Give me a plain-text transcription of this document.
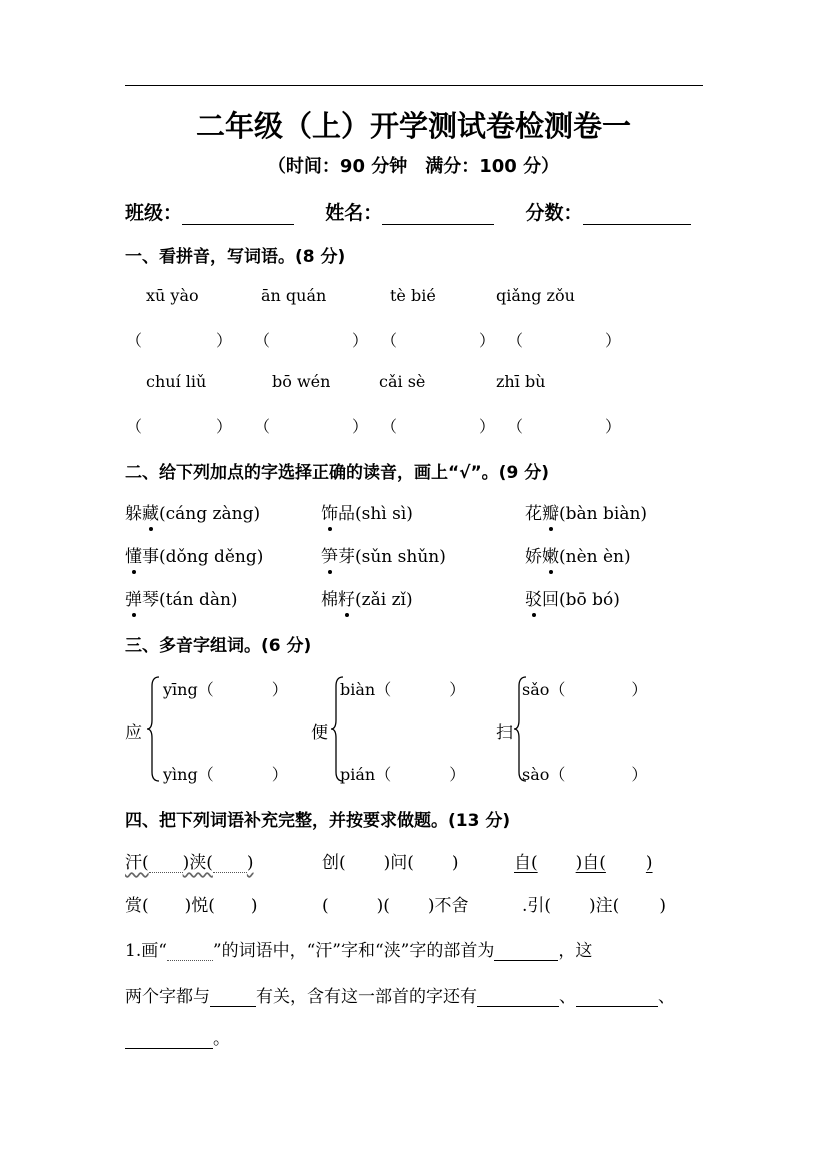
二年级（上）开学测试卷检测卷一
（时间：90 分钟　满分：100 分）
班级：	姓名：	分数：
一、看拼音，写词语。(8 分)
xū yào	ān quán	tè bié	qiǎng zǒu
（	） （	） （	） （	）
chuí liǔ	bō wén	cǎi sè	zhī bù
（	） （	） （	） （	）
二、给下列加点的字选择正确的读音，画上“√”。(9 分)
躲藏(cáng zàng)	饰品(shì sì)	花瓣(bàn biàn)
懂事(dǒng děng)	笋芽(sǔn shǔn)	娇嫩(nèn èn)
弹琴(tán dàn)	棉籽(zǎi zǐ)	驳回(bō bó)
三、多音字组词。(6 分)
应
yīng（	）
yìng（	）
便
biàn（	）
pián（	）
扫
sǎo（	）
sào（	）
四、把下列词语补充完整，并按要求做题。(13 分)
汗( )浃( )	创( )问( )	自( )自( )
赏( )悦( )	(	)( )不舍	.引( )注( )
1.画“	”的词语中，“汗”字和“浃”字的部首为	，这
两个字都与	有关，含有这一部首的字还有	、	、
。
